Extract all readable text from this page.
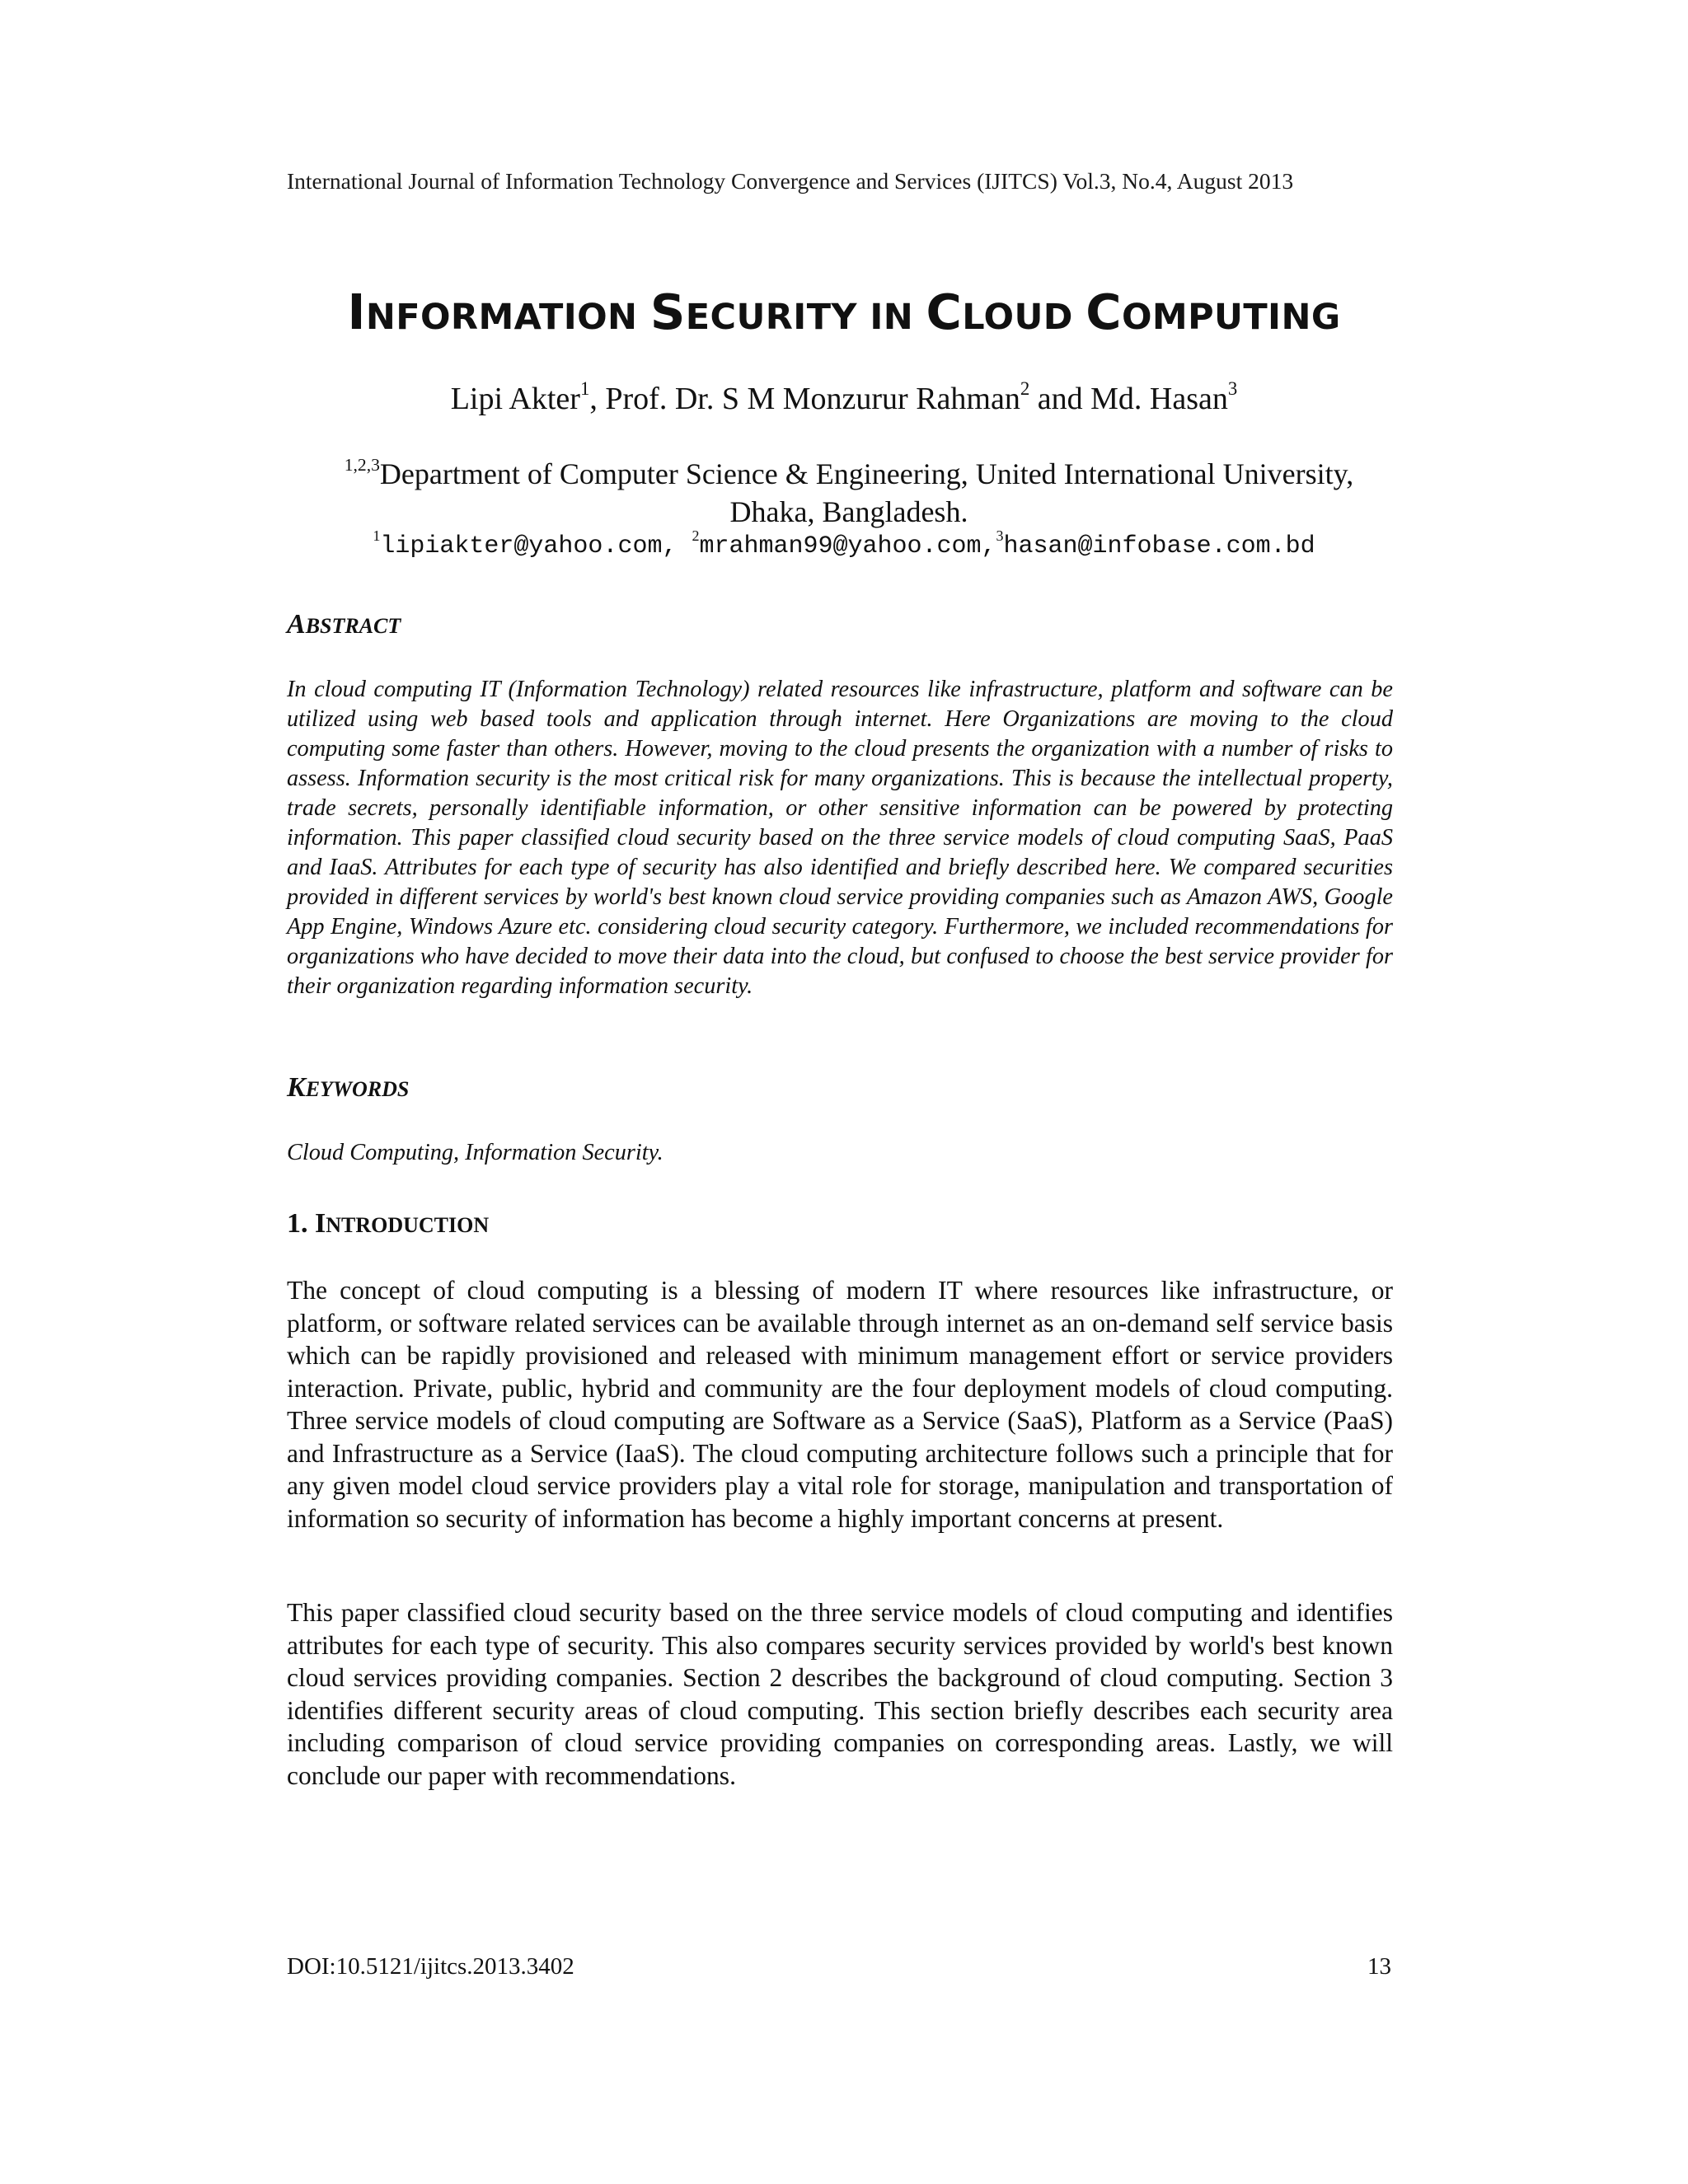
International Journal of Information Technology Convergence and Services (IJITCS) Vol.3, No.4, August 2013
INFORMATION SECURITY IN CLOUD COMPUTING
Lipi Akter$^1$, Prof. Dr. S M Monzurur Rahman$^2$ and Md. Hasan$^3$
$^{1,2,3}$Department of Computer Science & Engineering, United International University,
Dhaka, Bangladesh.
$^1$lipiakter@yahoo.com, $^2$mrahman99@yahoo.com,$^3$hasan@infobase.com.bd
ABSTRACT
In cloud computing IT (Information Technology) related resources like infrastructure, platform and software can be utilized using web based tools and application through internet. Here Organizations are moving to the cloud computing some faster than others. However, moving to the cloud presents the organization with a number of risks to assess. Information security is the most critical risk for many organizations. This is because the intellectual property, trade secrets, personally identifiable information, or other sensitive information can be powered by protecting information. This paper classified cloud security based on the three service models of cloud computing SaaS, PaaS and IaaS. Attributes for each type of security has also identified and briefly described here. We compared securities provided in different services by world's best known cloud service providing companies such as Amazon AWS, Google App Engine, Windows Azure etc. considering cloud security category. Furthermore, we included recommendations for organizations who have decided to move their data into the cloud, but confused to choose the best service provider for their organization regarding information security.
KEYWORDS
Cloud Computing, Information Security.
1. INTRODUCTION
The concept of cloud computing is a blessing of modern IT where resources like infrastructure, or platform, or software related services can be available through internet as an on-demand self service basis which can be rapidly provisioned and released with minimum management effort or service providers interaction. Private, public, hybrid and community are the four deployment models of cloud computing. Three service models of cloud computing are Software as a Service (SaaS), Platform as a Service (PaaS) and Infrastructure as a Service (IaaS). The cloud computing architecture follows such a principle that for any given model cloud service providers play a vital role for storage, manipulation and transportation of information so security of information has become a highly important concerns at present.
This paper classified cloud security based on the three service models of cloud computing and identifies attributes for each type of security. This also compares security services provided by world's best known cloud services providing companies. Section 2 describes the background of cloud computing. Section 3 identifies different security areas of cloud computing. This section briefly describes each security area including comparison of cloud service providing companies on corresponding areas. Lastly, we will conclude our paper with recommendations.
DOI:10.5121/ijitcs.2013.3402	13
